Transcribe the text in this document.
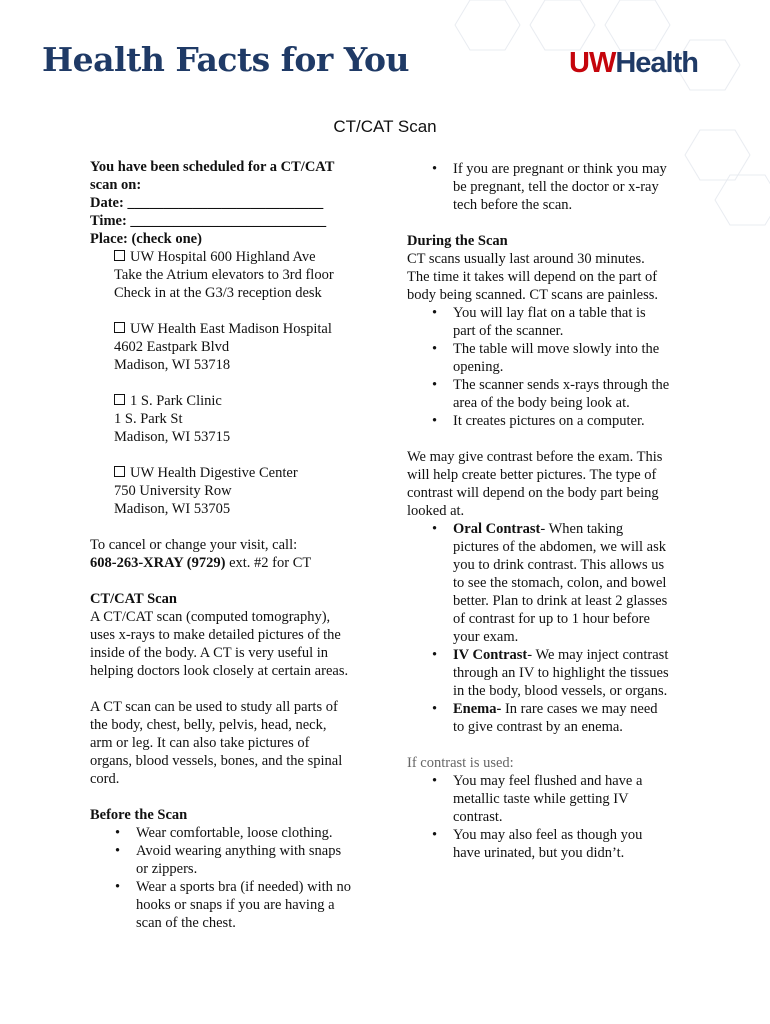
Health Facts for You	UWHealth
CT/CAT Scan

You have been scheduled for a CT/CAT

scan on:

Date: ___________________________

Time: ___________________________

Place: (check one)

UW Hospital 600 Highland Ave

Take the Atrium elevators to 3rd floor

Check in at the G3/3 reception desk

UW Health East Madison Hospital

4602 Eastpark Blvd

Madison, WI 53718

1 S. Park Clinic

1 S. Park St

Madison, WI 53715

UW Health Digestive Center

750 University Row

Madison, WI 53705

To cancel or change your visit, call:

608-263-XRAY (9729) ext. #2 for CT

CT/CAT Scan

A CT/CAT scan (computed tomography),

uses x-rays to make detailed pictures of the

inside of the body. A CT is very useful in

helping doctors look closely at certain areas.

A CT scan can be used to study all parts of

the body, chest, belly, pelvis, head, neck,

arm or leg. It can also take pictures of

organs, blood vessels, bones, and the spinal

cord.

Before the Scan

• Wear comfortable, loose clothing.
• Avoid wearing anything with snaps
or zippers.
• Wear a sports bra (if needed) with no
hooks or snaps if you are having a
scan of the chest.
• If you are pregnant or think you may
be pregnant, tell the doctor or x-ray
tech before the scan.

During the Scan

CT scans usually last around 30 minutes.

The time it takes will depend on the part of

body being scanned. CT scans are painless.

• You will lay flat on a table that is
part of the scanner.
• The table will move slowly into the
opening.
• The scanner sends x-rays through the
area of the body being look at.
• It creates pictures on a computer.

We may give contrast before the exam. This

will help create better pictures. The type of

contrast will depend on the body part being

looked at.

• Oral Contrast- When taking
pictures of the abdomen, we will ask
you to drink contrast. This allows us
to see the stomach, colon, and bowel
better. Plan to drink at least 2 glasses
of contrast for up to 1 hour before
your exam.
• IV Contrast- We may inject contrast
through an IV to highlight the tissues
in the body, blood vessels, or organs.
• Enema- In rare cases we may need
to give contrast by an enema.

If contrast is used:

• You may feel flushed and have a
metallic taste while getting IV
contrast.
• You may also feel as though you
have urinated, but you didn’t.
